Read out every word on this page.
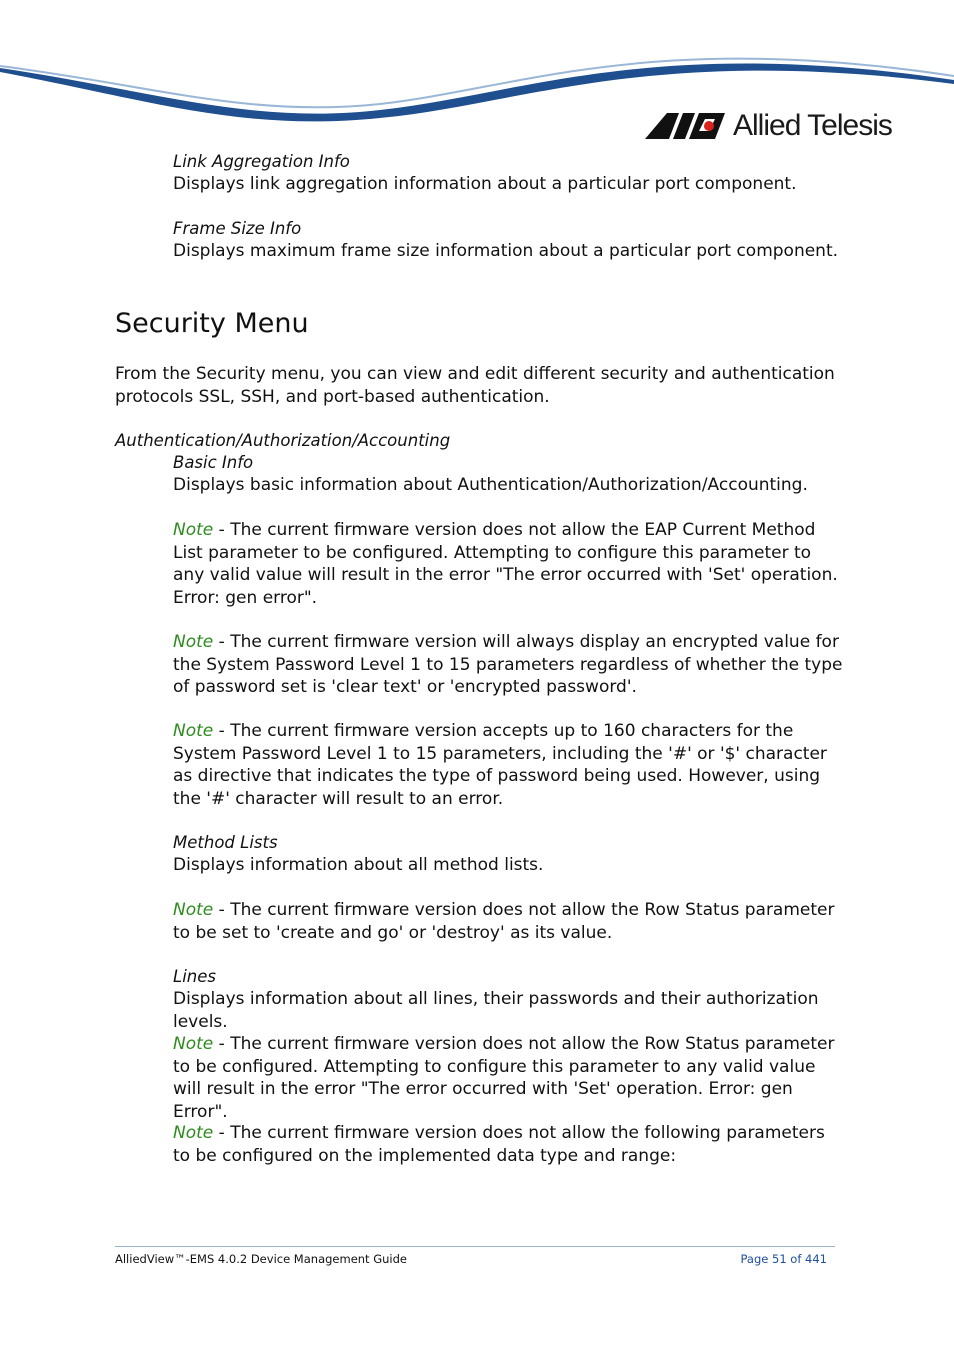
Allied Telesis
Link Aggregation Info
Displays link aggregation information about a particular port component.
Frame Size Info
Displays maximum frame size information about a particular port component.
Security Menu
From the Security menu, you can view and edit different security and authentication protocols SSL, SSH, and port-based authentication.
Authentication/Authorization/Accounting
Basic Info
Displays basic information about Authentication/Authorization/Accounting.
Note - The current firmware version does not allow the EAP Current Method List parameter to be configured. Attempting to configure this parameter to any valid value will result in the error "The error occurred with 'Set' operation. Error: gen error".
Note - The current firmware version will always display an encrypted value for the System Password Level 1 to 15 parameters regardless of whether the type of password set is 'clear text' or 'encrypted password'.
Note - The current firmware version accepts up to 160 characters for the System Password Level 1 to 15 parameters, including the '#' or '$' character as directive that indicates the type of password being used. However, using the '#' character will result to an error.
Method Lists
Displays information about all method lists.
Note - The current firmware version does not allow the Row Status parameter to be set to 'create and go' or 'destroy' as its value.
Lines
Displays information about all lines, their passwords and their authorization levels.
Note - The current firmware version does not allow the Row Status parameter to be configured. Attempting to configure this parameter to any valid value will result in the error "The error occurred with 'Set' operation. Error: gen Error".
Note - The current firmware version does not allow the following parameters to be configured on the implemented data type and range:
AlliedView™-EMS 4.0.2 Device Management Guide	Page 51 of 441
